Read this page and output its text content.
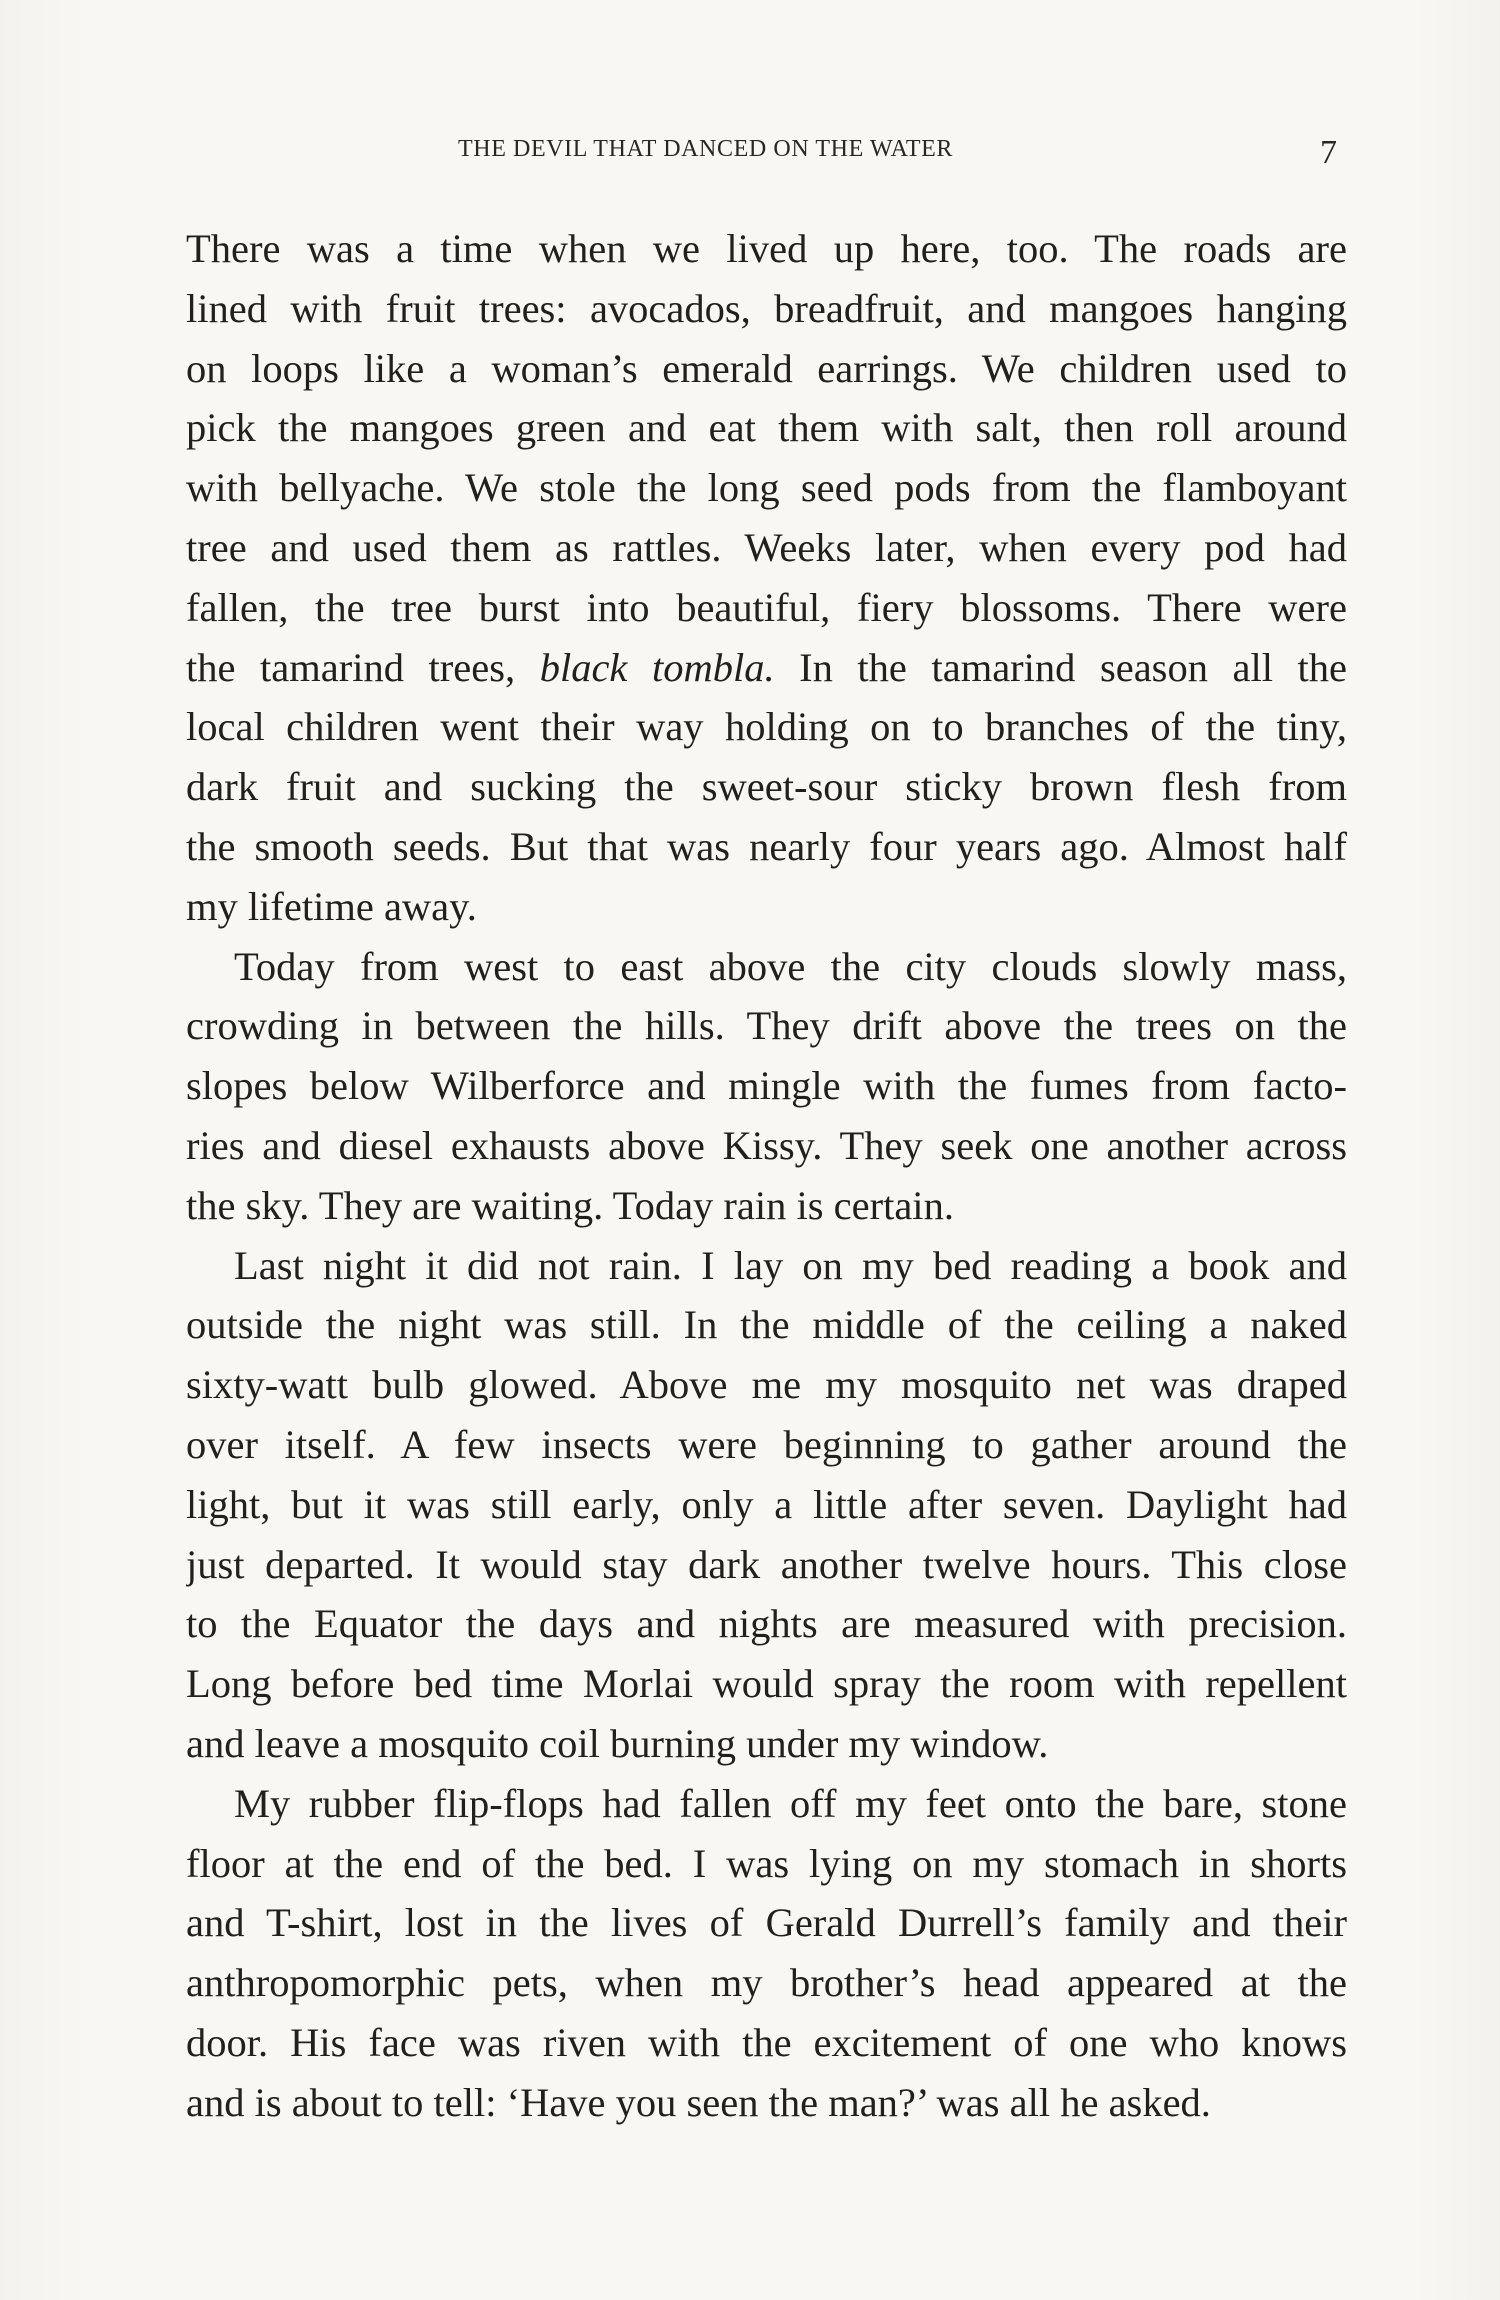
THE DEVIL THAT DANCED ON THE WATER	7
There was a time when we lived up here, too. The roads are
lined with fruit trees: avocados, breadfruit, and mangoes hanging
on loops like a woman’s emerald earrings. We children used to
pick the mangoes green and eat them with salt, then roll around
with bellyache. We stole the long seed pods from the flamboyant
tree and used them as rattles. Weeks later, when every pod had
fallen, the tree burst into beautiful, fiery blossoms. There were
the tamarind trees, black tombla. In the tamarind season all the
local children went their way holding on to branches of the tiny,
dark fruit and sucking the sweet-sour sticky brown flesh from
the smooth seeds. But that was nearly four years ago. Almost half
my lifetime away.
Today from west to east above the city clouds slowly mass,
crowding in between the hills. They drift above the trees on the
slopes below Wilberforce and mingle with the fumes from facto-
ries and diesel exhausts above Kissy. They seek one another across
the sky. They are waiting. Today rain is certain.
Last night it did not rain. I lay on my bed reading a book and
outside the night was still. In the middle of the ceiling a naked
sixty-watt bulb glowed. Above me my mosquito net was draped
over itself. A few insects were beginning to gather around the
light, but it was still early, only a little after seven. Daylight had
just departed. It would stay dark another twelve hours. This close
to the Equator the days and nights are measured with precision.
Long before bed time Morlai would spray the room with repellent
and leave a mosquito coil burning under my window.
My rubber flip-flops had fallen off my feet onto the bare, stone
floor at the end of the bed. I was lying on my stomach in shorts
and T-shirt, lost in the lives of Gerald Durrell’s family and their
anthropomorphic pets, when my brother’s head appeared at the
door. His face was riven with the excitement of one who knows
and is about to tell: ‘Have you seen the man?’ was all he asked.
